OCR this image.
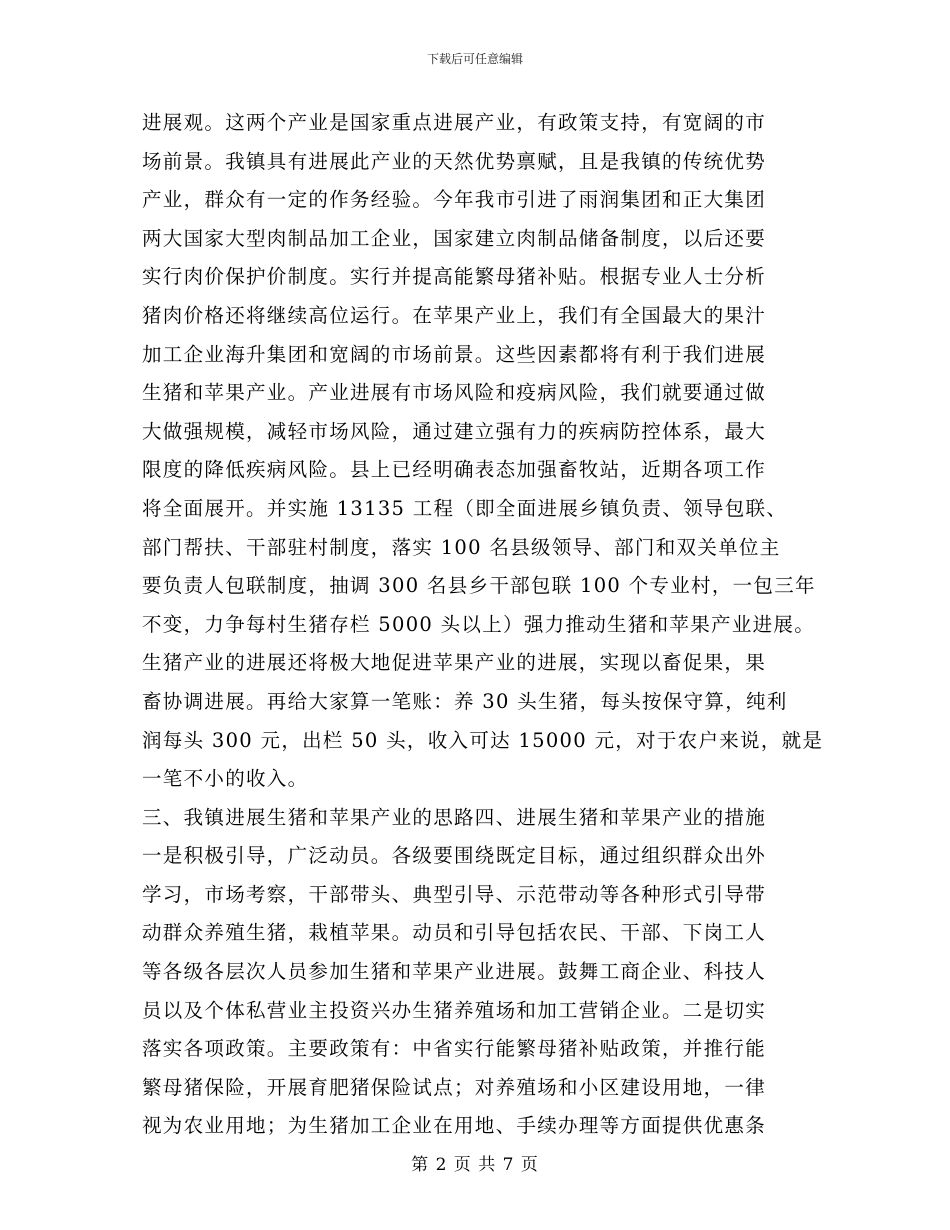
下载后可任意编辑
进展观。这两个产业是国家重点进展产业，有政策支持，有宽阔的市
场前景。我镇具有进展此产业的天然优势禀赋，且是我镇的传统优势
产业，群众有一定的作务经验。今年我市引进了雨润集团和正大集团
两大国家大型肉制品加工企业，国家建立肉制品储备制度，以后还要
实行肉价保护价制度。实行并提高能繁母猪补贴。根据专业人士分析
猪肉价格还将继续高位运行。在苹果产业上，我们有全国最大的果汁
加工企业海升集团和宽阔的市场前景。这些因素都将有利于我们进展
生猪和苹果产业。产业进展有市场风险和疫病风险，我们就要通过做
大做强规模，减轻市场风险，通过建立强有力的疾病防控体系，最大
限度的降低疾病风险。县上已经明确表态加强畜牧站，近期各项工作
将全面展开。并实施 13135 工程（即全面进展乡镇负责、领导包联、
部门帮扶、干部驻村制度，落实 100 名县级领导、部门和双关单位主
要负责人包联制度，抽调 300 名县乡干部包联 100 个专业村，一包三年
不变，力争每村生猪存栏 5000 头以上）强力推动生猪和苹果产业进展。
生猪产业的进展还将极大地促进苹果产业的进展，实现以畜促果，果
畜协调进展。再给大家算一笔账：养 30 头生猪，每头按保守算，纯利
润每头 300 元，出栏 50 头，收入可达 15000 元，对于农户来说，就是
一笔不小的收入。
三、我镇进展生猪和苹果产业的思路四、进展生猪和苹果产业的措施
一是积极引导，广泛动员。各级要围绕既定目标，通过组织群众出外
学习，市场考察，干部带头、典型引导、示范带动等各种形式引导带
动群众养殖生猪，栽植苹果。动员和引导包括农民、干部、下岗工人
等各级各层次人员参加生猪和苹果产业进展。鼓舞工商企业、科技人
员以及个体私营业主投资兴办生猪养殖场和加工营销企业。二是切实
落实各项政策。主要政策有：中省实行能繁母猪补贴政策，并推行能
繁母猪保险，开展育肥猪保险试点；对养殖场和小区建设用地，一律
视为农业用地；为生猪加工企业在用地、手续办理等方面提供优惠条
第 2 页 共 7 页
